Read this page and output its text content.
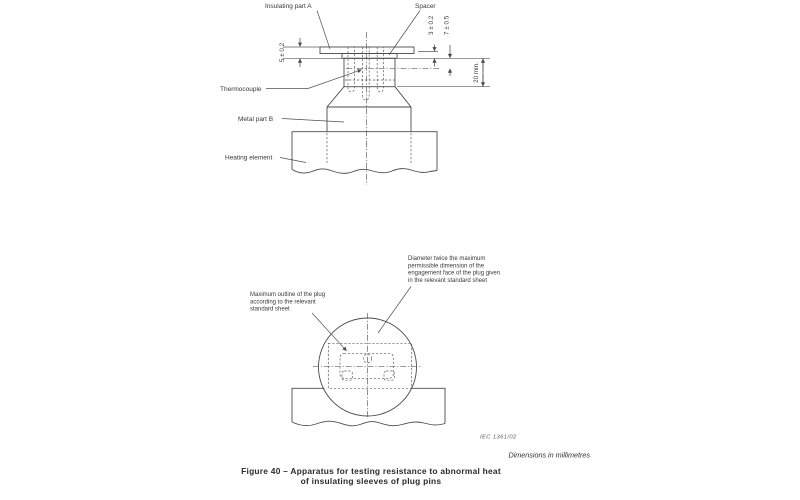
5 ± 0.2
3 ± 0.2 7 ± 0.5
20 min.
Insulating part A	Spacer
Thermocouple
Metal part B
Heating element
Maximum outline of the plug
according to the relevant
standard sheet
Diameter twice the maximum
permissible dimension of the
engagement face of the plug given
in the relevant standard sheet
IEC 1361/02
Dimensions in millimetres
Figure 40 – Apparatus for testing resistance to abnormal heat
of insulating sleeves of plug pins
